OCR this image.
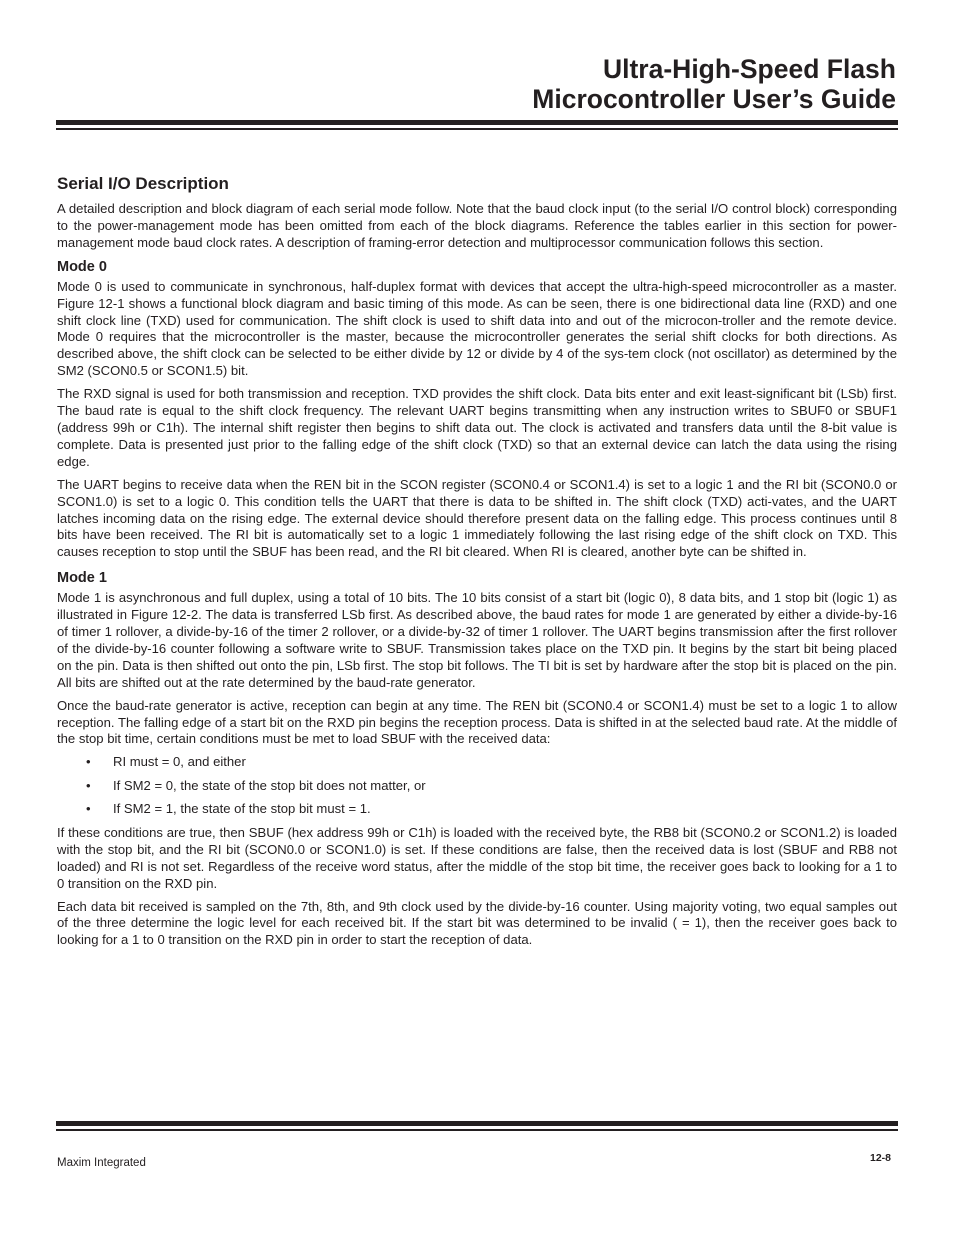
Ultra-High-Speed Flash
Microcontroller User’s Guide
Serial I/O Description

A detailed description and block diagram of each serial mode follow. Note that the baud clock input (to the serial I/O control block) corresponding to the power-management mode has been omitted from each of the block diagrams. Reference the tables earlier in this section for power-management mode baud clock rates. A description of framing-error detection and multiprocessor communication follows this section.

Mode 0

Mode 0 is used to communicate in synchronous, half-duplex format with devices that accept the ultra-high-speed microcontroller as a master. Figure 12-1 shows a functional block diagram and basic timing of this mode. As can be seen, there is one bidirectional data line (RXD) and one shift clock line (TXD) used for communication. The shift clock is used to shift data into and out of the microcon-troller and the remote device. Mode 0 requires that the microcontroller is the master, because the microcontroller generates the serial shift clocks for both directions. As described above, the shift clock can be selected to be either divide by 12 or divide by 4 of the sys-tem clock (not oscillator) as determined by the SM2 (SCON0.5 or SCON1.5) bit.

The RXD signal is used for both transmission and reception. TXD provides the shift clock. Data bits enter and exit least-significant bit (LSb) first. The baud rate is equal to the shift clock frequency. The relevant UART begins transmitting when any instruction writes to SBUF0 or SBUF1 (address 99h or C1h). The internal shift register then begins to shift data out. The clock is activated and transfers data until the 8-bit value is complete. Data is presented just prior to the falling edge of the shift clock (TXD) so that an external device can latch the data using the rising edge.

The UART begins to receive data when the REN bit in the SCON register (SCON0.4 or SCON1.4) is set to a logic 1 and the RI bit (SCON0.0 or SCON1.0) is set to a logic 0. This condition tells the UART that there is data to be shifted in. The shift clock (TXD) acti-vates, and the UART latches incoming data on the rising edge. The external device should therefore present data on the falling edge. This process continues until 8 bits have been received. The RI bit is automatically set to a logic 1 immediately following the last rising edge of the shift clock on TXD. This causes reception to stop until the SBUF has been read, and the RI bit cleared. When RI is cleared, another byte can be shifted in.

Mode 1

Mode 1 is asynchronous and full duplex, using a total of 10 bits. The 10 bits consist of a start bit (logic 0), 8 data bits, and 1 stop bit (logic 1) as illustrated in Figure 12-2. The data is transferred LSb first. As described above, the baud rates for mode 1 are generated by either a divide-by-16 of timer 1 rollover, a divide-by-16 of the timer 2 rollover, or a divide-by-32 of timer 1 rollover. The UART begins transmission after the first rollover of the divide-by-16 counter following a software write to SBUF. Transmission takes place on the TXD pin. It begins by the start bit being placed on the pin. Data is then shifted out onto the pin, LSb first. The stop bit follows. The TI bit is set by hardware after the stop bit is placed on the pin. All bits are shifted out at the rate determined by the baud-rate generator.

Once the baud-rate generator is active, reception can begin at any time. The REN bit (SCON0.4 or SCON1.4) must be set to a logic 1 to allow reception. The falling edge of a start bit on the RXD pin begins the reception process. Data is shifted in at the selected baud rate. At the middle of the stop bit time, certain conditions must be met to load SBUF with the received data:

• RI must = 0, and either
• If SM2 = 0, the state of the stop bit does not matter, or
• If SM2 = 1, the state of the stop bit must = 1.

If these conditions are true, then SBUF (hex address 99h or C1h) is loaded with the received byte, the RB8 bit (SCON0.2 or SCON1.2) is loaded with the stop bit, and the RI bit (SCON0.0 or SCON1.0) is set. If these conditions are false, then the received data is lost (SBUF and RB8 not loaded) and RI is not set. Regardless of the receive word status, after the middle of the stop bit time, the receiver goes back to looking for a 1 to 0 transition on the RXD pin.

Each data bit received is sampled on the 7th, 8th, and 9th clock used by the divide-by-16 counter. Using majority voting, two equal samples out of the three determine the logic level for each received bit. If the start bit was determined to be invalid ( = 1), then the receiver goes back to looking for a 1 to 0 transition on the RXD pin in order to start the reception of data.

Maxim Integrated	12-8
